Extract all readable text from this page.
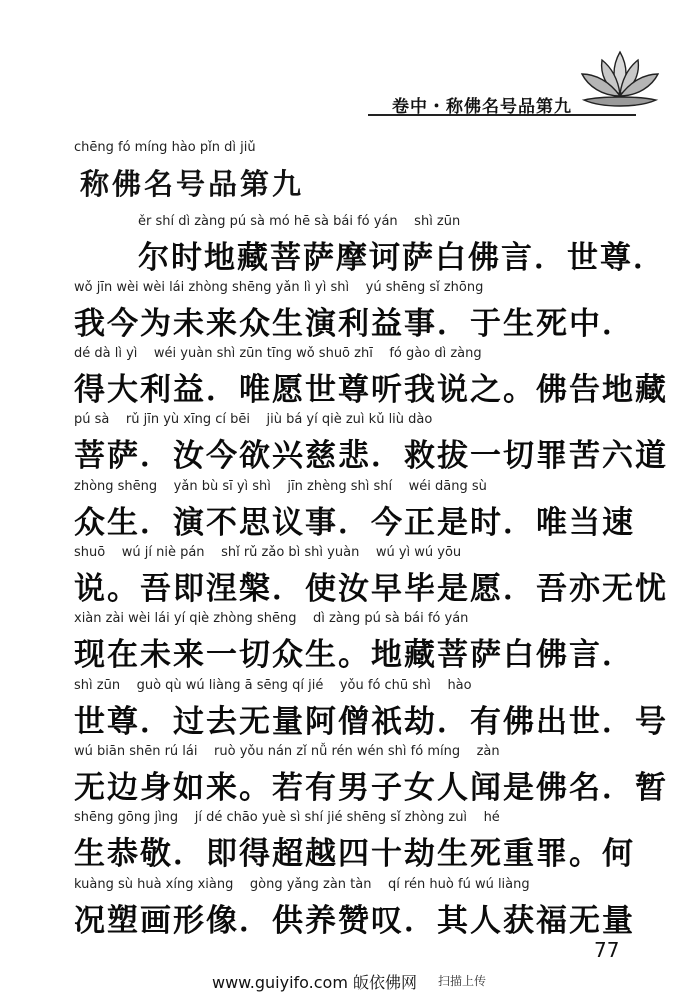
卷中・称佛名号品第九
chēng fó míng hào pǐn dì jiǔ
称佛名号品第九
ěr shí dì zàng pú sà mó hē sà bái fó yán    shì zūn
尔时地藏菩萨摩诃萨白佛言．世尊．
wǒ jīn wèi wèi lái zhòng shēng yǎn lì yì shì    yú shēng sǐ zhōng
我今为未来众生演利益事．于生死中．
dé dà lì yì    wéi yuàn shì zūn tīng wǒ shuō zhī    fó gào dì zàng
得大利益．唯愿世尊听我说之。佛告地藏
pú sà    rǔ jīn yù xīng cí bēi    jiù bá yí qiè zuì kǔ liù dào
菩萨．汝今欲兴慈悲．救拔一切罪苦六道
zhòng shēng    yǎn bù sī yì shì    jīn zhèng shì shí    wéi dāng sù
众生．演不思议事．今正是时．唯当速
shuō    wú jí niè pán    shǐ rǔ zǎo bì shì yuàn    wú yì wú yōu
说。吾即涅槃．使汝早毕是愿．吾亦无忧
xiàn zài wèi lái yí qiè zhòng shēng    dì zàng pú sà bái fó yán
现在未来一切众生。地藏菩萨白佛言．
shì zūn    guò qù wú liàng ā sēng qí jié    yǒu fó chū shì    hào
世尊．过去无量阿僧祇劫．有佛出世．号
wú biān shēn rú lái    ruò yǒu nán zǐ nǚ rén wén shì fó míng    zàn
无边身如来。若有男子女人闻是佛名．暂
shēng gōng jìng    jí dé chāo yuè sì shí jié shēng sǐ zhòng zuì    hé
生恭敬．即得超越四十劫生死重罪。何
kuàng sù huà xíng xiàng    gòng yǎng zàn tàn    qí rén huò fú wú liàng
况塑画形像．供养赞叹．其人获福无量
77
www.guiyifo.com 皈依佛网 扫描上传
